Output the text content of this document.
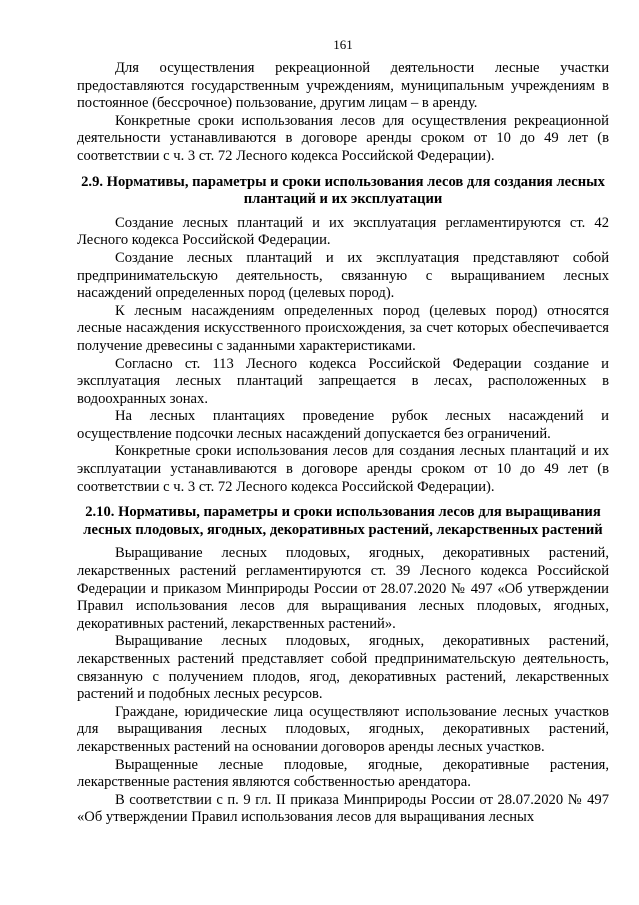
161

Для осуществления рекреационной деятельности лесные участки предоставляются государственным учреждениям, муниципальным учреждениям в постоянное (бессрочное) пользование, другим лицам – в аренду.

Конкретные сроки использования лесов для осуществления рекреационной деятельности устанавливаются в договоре аренды сроком от 10 до 49 лет (в соответствии с ч. 3 ст. 72 Лесного кодекса Российской Федерации).

2.9. Нормативы, параметры и сроки использования лесов для создания лесных плантаций и их эксплуатации

Создание лесных плантаций и их эксплуатация регламентируются ст. 42 Лесного кодекса Российской Федерации.

Создание лесных плантаций и их эксплуатация представляют собой предпринимательскую деятельность, связанную с выращиванием лесных насаждений определенных пород (целевых пород).

К лесным насаждениям определенных пород (целевых пород) относятся лесные насаждения искусственного происхождения, за счет которых обеспечивается получение древесины с заданными характеристиками.

Согласно ст. 113 Лесного кодекса Российской Федерации создание и эксплуатация лесных плантаций запрещается в лесах, расположенных в водоохранных зонах.

На лесных плантациях проведение рубок лесных насаждений и осуществление подсочки лесных насаждений допускается без ограничений.

Конкретные сроки использования лесов для создания лесных плантаций и их эксплуатации устанавливаются в договоре аренды сроком от 10 до 49 лет (в соответствии с ч. 3 ст. 72 Лесного кодекса Российской Федерации).

2.10. Нормативы, параметры и сроки использования лесов для выращивания лесных плодовых, ягодных, декоративных растений, лекарственных растений

Выращивание лесных плодовых, ягодных, декоративных растений, лекарственных растений регламентируются ст. 39 Лесного кодекса Российской Федерации и приказом Минприроды России от 28.07.2020 № 497 «Об утверждении Правил использования лесов для выращивания лесных плодовых, ягодных, декоративных растений, лекарственных растений».

Выращивание лесных плодовых, ягодных, декоративных растений, лекарственных растений представляет собой предпринимательскую деятельность, связанную с получением плодов, ягод, декоративных растений, лекарственных растений и подобных лесных ресурсов.

Граждане, юридические лица осуществляют использование лесных участков для выращивания лесных плодовых, ягодных, декоративных растений, лекарственных растений на основании договоров аренды лесных участков.

Выращенные лесные плодовые, ягодные, декоративные растения, лекарственные растения являются собственностью арендатора.

В соответствии с п. 9 гл. II приказа Минприроды России от 28.07.2020 № 497 «Об утверждении Правил использования лесов для выращивания лесных
